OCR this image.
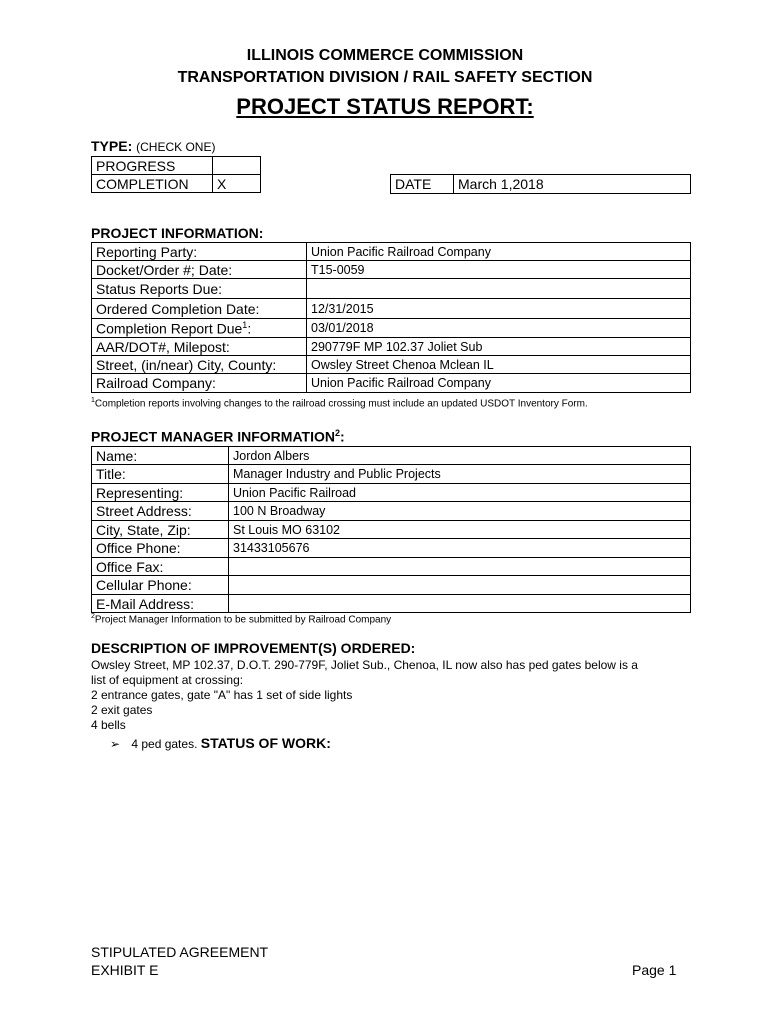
ILLINOIS COMMERCE COMMISSION
TRANSPORTATION DIVISION / RAIL SAFETY SECTION
PROJECT STATUS REPORT:
TYPE: (CHECK ONE)
PROGRESS	
COMPLETION	X	DATE	March 1,2018
PROJECT INFORMATION:
Reporting Party:	Union Pacific Railroad Company
Docket/Order #; Date:	T15-0059
Status Reports Due:	
Ordered Completion Date:	12/31/2015
Completion Report Due$^1$:	03/01/2018
AAR/DOT#, Milepost:	290779F MP 102.37 Joliet Sub
Street, (in/near) City, County:	Owsley Street Chenoa Mclean IL
Railroad Company:	Union Pacific Railroad Company
$^1$Completion reports involving changes to the railroad crossing must include an updated USDOT Inventory Form.
PROJECT MANAGER INFORMATION$^2$:
Name:	Jordon Albers
Title:	Manager Industry and Public Projects
Representing:	Union Pacific Railroad
Street Address:	100 N Broadway
City, State, Zip:	St Louis MO 63102
Office Phone:	31433105676
Office Fax:	
Cellular Phone:	
E-Mail Address:	
$^2$Project Manager Information to be submitted by Railroad Company
DESCRIPTION OF IMPROVEMENT(S) ORDERED:
Owsley Street, MP 102.37, D.O.T. 290-779F, Joliet Sub., Chenoa, IL now also has ped gates below is a
list of equipment at crossing:
2 entrance gates, gate "A" has 1 set of side lights
2 exit gates
4 bells
➢ 4 ped gates. STATUS OF WORK:
STIPULATED AGREEMENT
EXHIBIT E	Page 1
